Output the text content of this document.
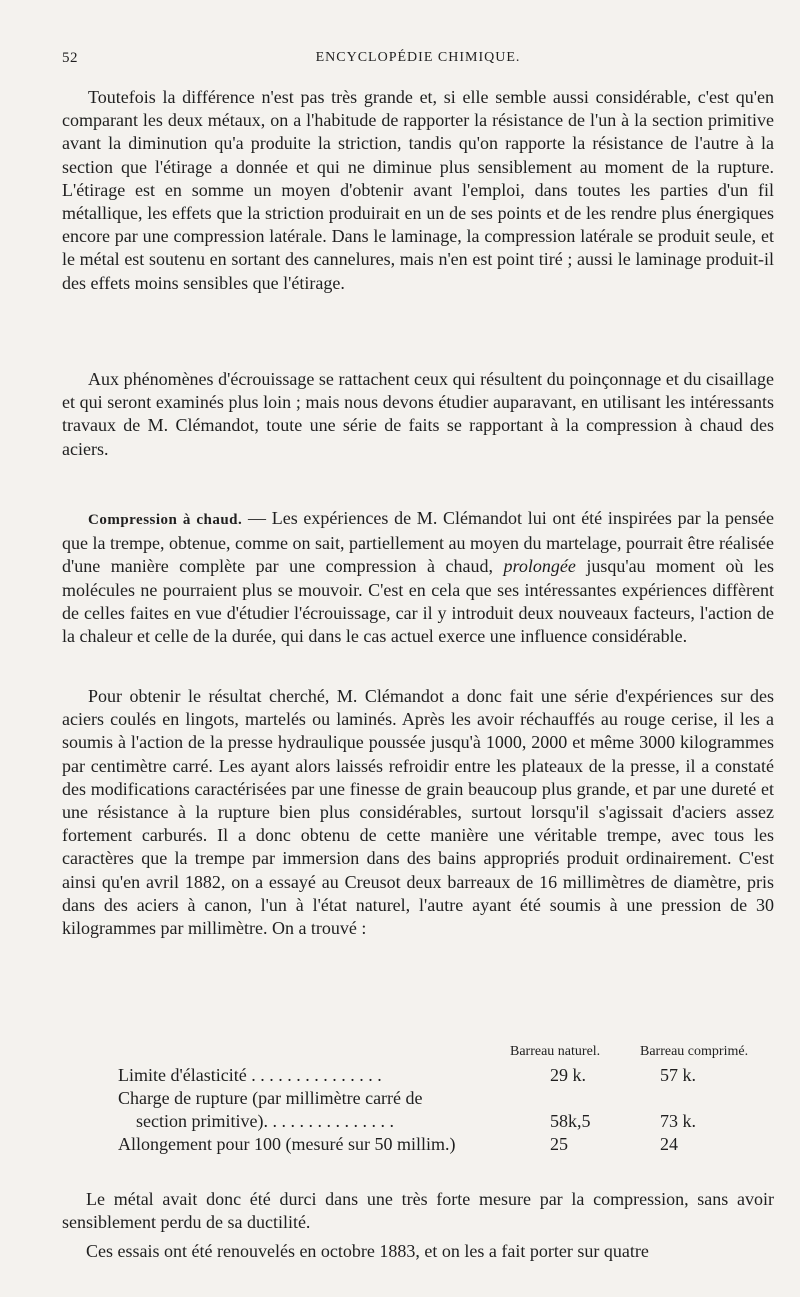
52	ENCYCLOPÉDIE CHIMIQUE.

Toutefois la différence n'est pas très grande et, si elle semble aussi considérable, c'est qu'en comparant les deux métaux, on a l'habitude de rapporter la résistance de l'un à la section primitive avant la diminution qu'a produite la striction, tandis qu'on rapporte la résistance de l'autre à la section que l'étirage a donnée et qui ne diminue plus sensiblement au moment de la rupture. L'étirage est en somme un moyen d'obtenir avant l'emploi, dans toutes les parties d'un fil métallique, les effets que la striction produirait en un de ses points et de les rendre plus énergiques encore par une compression latérale. Dans le laminage, la compression latérale se produit seule, et le métal est soutenu en sortant des cannelures, mais n'en est point tiré ; aussi le laminage produit-il des effets moins sensibles que l'étirage.

Aux phénomènes d'écrouissage se rattachent ceux qui résultent du poinçonnage et du cisaillage et qui seront examinés plus loin ; mais nous devons étudier auparavant, en utilisant les intéressants travaux de M. Clémandot, toute une série de faits se rapportant à la compression à chaud des aciers.

Compression à chaud. — Les expériences de M. Clémandot lui ont été inspirées par la pensée que la trempe, obtenue, comme on sait, partiellement au moyen du martelage, pourrait être réalisée d'une manière complète par une compression à chaud, prolongée jusqu'au moment où les molécules ne pourraient plus se mouvoir. C'est en cela que ses intéressantes expériences diffèrent de celles faites en vue d'étudier l'écrouissage, car il y introduit deux nouveaux facteurs, l'action de la chaleur et celle de la durée, qui dans le cas actuel exerce une influence considérable.

Pour obtenir le résultat cherché, M. Clémandot a donc fait une série d'expériences sur des aciers coulés en lingots, martelés ou laminés. Après les avoir réchauffés au rouge cerise, il les a soumis à l'action de la presse hydraulique poussée jusqu'à 1000, 2000 et même 3000 kilogrammes par centimètre carré. Les ayant alors laissés refroidir entre les plateaux de la presse, il a constaté des modifications caractérisées par une finesse de grain beaucoup plus grande, et par une dureté et une résistance à la rupture bien plus considérables, surtout lorsqu'il s'agissait d'aciers assez fortement carburés. Il a donc obtenu de cette manière une véritable trempe, avec tous les caractères que la trempe par immersion dans des bains appropriés produit ordinairement. C'est ainsi qu'en avril 1882, on a essayé au Creusot deux barreaux de 16 millimètres de diamètre, pris dans des aciers à canon, l'un à l'état naturel, l'autre ayant été soumis à une pression de 30 kilogrammes par millimètre. On a trouvé :

Barreau naturel.	Barreau comprimé.
Limite d'élasticité . . . . . . . . . . . . . . .	29 k.	57 k.
Charge de rupture (par millimètre carré de
section primitive). . . . . . . . . . . . . . .	58k,5	73 k.
Allongement pour 100 (mesuré sur 50 millim.)	25	24

Le métal avait donc été durci dans une très forte mesure par la compression, sans avoir sensiblement perdu de sa ductilité.

Ces essais ont été renouvelés en octobre 1883, et on les a fait porter sur quatre
